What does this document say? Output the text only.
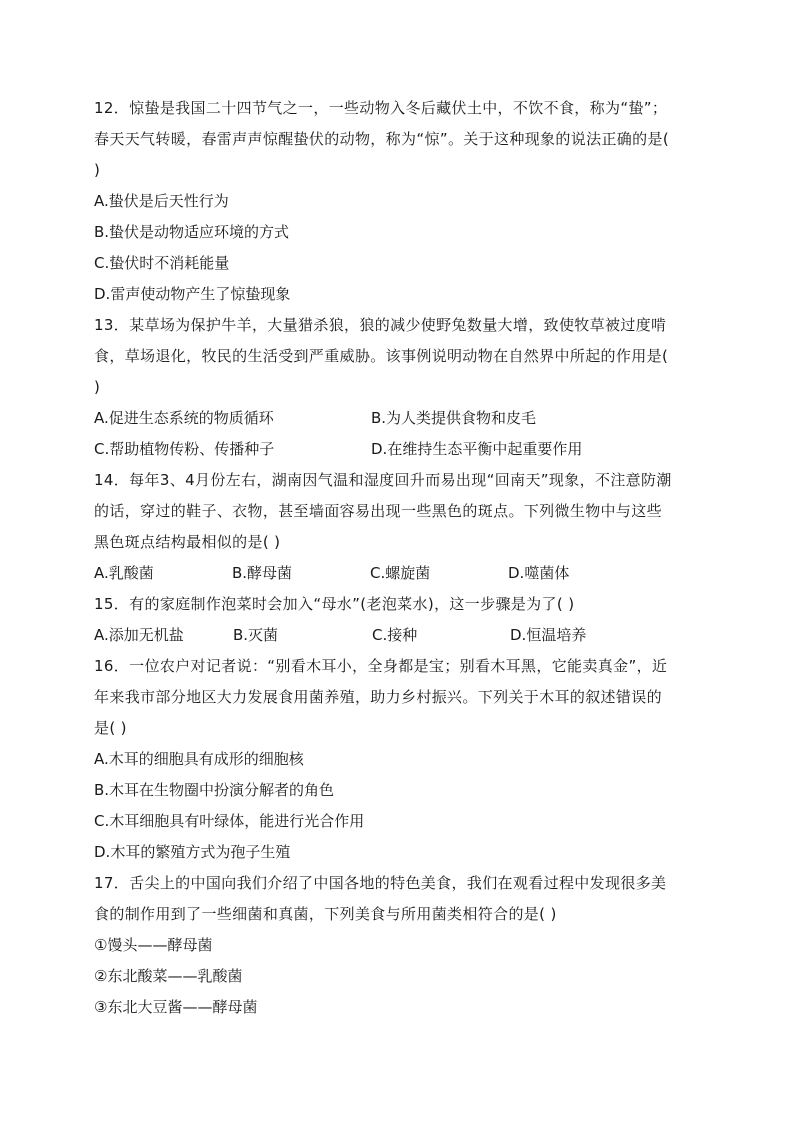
12．惊蛰是我国二十四节气之一，一些动物入冬后藏伏土中，不饮不食，称为“蛰”；
春天天气转暖，春雷声声惊醒蛰伏的动物，称为“惊”。关于这种现象的说法正确的是(
)
A.蛰伏是后天性行为
B.蛰伏是动物适应环境的方式
C.蛰伏时不消耗能量
D.雷声使动物产生了惊蛰现象
13．某草场为保护牛羊，大量猎杀狼，狼的减少使野兔数量大增，致使牧草被过度啃
食，草场退化，牧民的生活受到严重威胁。该事例说明动物在自然界中所起的作用是(
)
A.促进生态系统的物质循环	B.为人类提供食物和皮毛
C.帮助植物传粉、传播种子	D.在维持生态平衡中起重要作用
14．每年3、4月份左右，湖南因气温和湿度回升而易出现“回南天”现象，不注意防潮
的话，穿过的鞋子、衣物，甚至墙面容易出现一些黑色的斑点。下列微生物中与这些
黑色斑点结构最相似的是( )
A.乳酸菌	B.酵母菌	C.螺旋菌	D.噬菌体
15．有的家庭制作泡菜时会加入“母水”(老泡菜水)，这一步骤是为了( )
A.添加无机盐	B.灭菌	C.接种	D.恒温培养
16．一位农户对记者说：“别看木耳小，全身都是宝；别看木耳黑，它能卖真金”，近
年来我市部分地区大力发展食用菌养殖，助力乡村振兴。下列关于木耳的叙述错误的
是( )
A.木耳的细胞具有成形的细胞核
B.木耳在生物圈中扮演分解者的角色
C.木耳细胞具有叶绿体，能进行光合作用
D.木耳的繁殖方式为孢子生殖
17．舌尖上的中国向我们介绍了中国各地的特色美食，我们在观看过程中发现很多美
食的制作用到了一些细菌和真菌，下列美食与所用菌类相符合的是( )
①馒头——酵母菌
②东北酸菜——乳酸菌
③东北大豆酱——酵母菌
